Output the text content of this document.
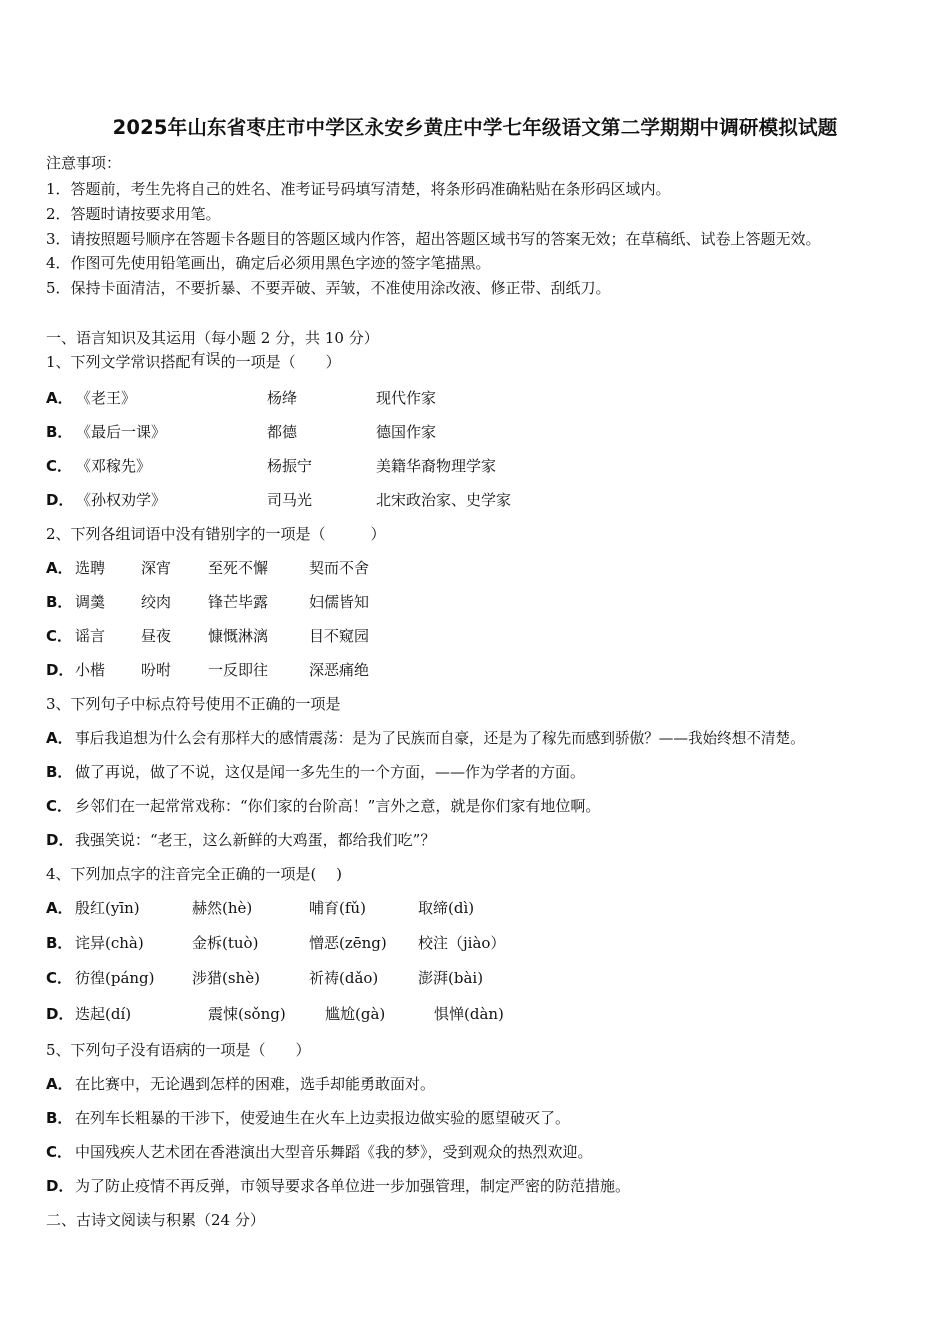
2025年山东省枣庄市中学区永安乡黄庄中学七年级语文第二学期期中调研模拟试题
注意事项：
1．答题前，考生先将自己的姓名、准考证号码填写清楚，将条形码准确粘贴在条形码区域内。
2．答题时请按要求用笔。
3．请按照题号顺序在答题卡各题目的答题区域内作答，超出答题区域书写的答案无效；在草稿纸、试卷上答题无效。
4．作图可先使用铅笔画出，确定后必须用黑色字迹的签字笔描黑。
5．保持卡面清洁，不要折暴、不要弄破、弄皱，不准使用涂改液、修正带、刮纸刀。
一、语言知识及其运用（每小题 2 分，共 10 分）
1、下列文学常识搭配有误的一项是（　　）
A． 《老王》	杨绛	现代作家
B． 《最后一课》	都德	德国作家
C． 《邓稼先》	杨振宁	美籍华裔物理学家
D． 《孙权劝学》	司马光	北宋政治家、史学家
2、下列各组词语中没有错别字的一项是（　　　）
A． 选聘 深宵 至死不懈	契而不舍
B． 调羹 绞肉 锋芒毕露	妇儒皆知
C． 谣言 昼夜 慷慨淋漓	目不窥园
D． 小楷 吩咐 一反即往	深恶痛绝
3、下列句子中标点符号使用不正确的一项是
A． 事后我追想为什么会有那样大的感情震荡：是为了民族而自豪，还是为了稼先而感到骄傲？——我始终想不清楚。
B． 做了再说，做了不说，这仅是闻一多先生的一个方面，——作为学者的方面。
C． 乡邻们在一起常常戏称：“你们家的台阶高！”言外之意，就是你们家有地位啊。
D． 我强笑说：“老王，这么新鲜的大鸡蛋，都给我们吃”？
4、下列加点字的注音完全正确的一项是(　 )
A． 殷红(yīn)	赫然(hè)	哺育(fǔ)	取缔(dì)
B． 诧异(chà)	金柝(tuò)	憎恶(zēng) 校注（jiào）
C． 彷徨(páng) 涉猎(shè)	祈祷(dǎo)	澎湃(bài)
D． 迭起(dí)	震悚(sǒng)	尴尬(gà)	惧惮(dàn)
5、下列句子没有语病的一项是（　　）
A． 在比赛中，无论遇到怎样的困难，选手却能勇敢面对。
B． 在列车长粗暴的干涉下，使爱迪生在火车上边卖报边做实验的愿望破灭了。
C． 中国残疾人艺术团在香港演出大型音乐舞蹈《我的梦》，受到观众的热烈欢迎。
D． 为了防止疫情不再反弹，市领导要求各单位进一步加强管理，制定严密的防范措施。
二、古诗文阅读与积累（24 分）
